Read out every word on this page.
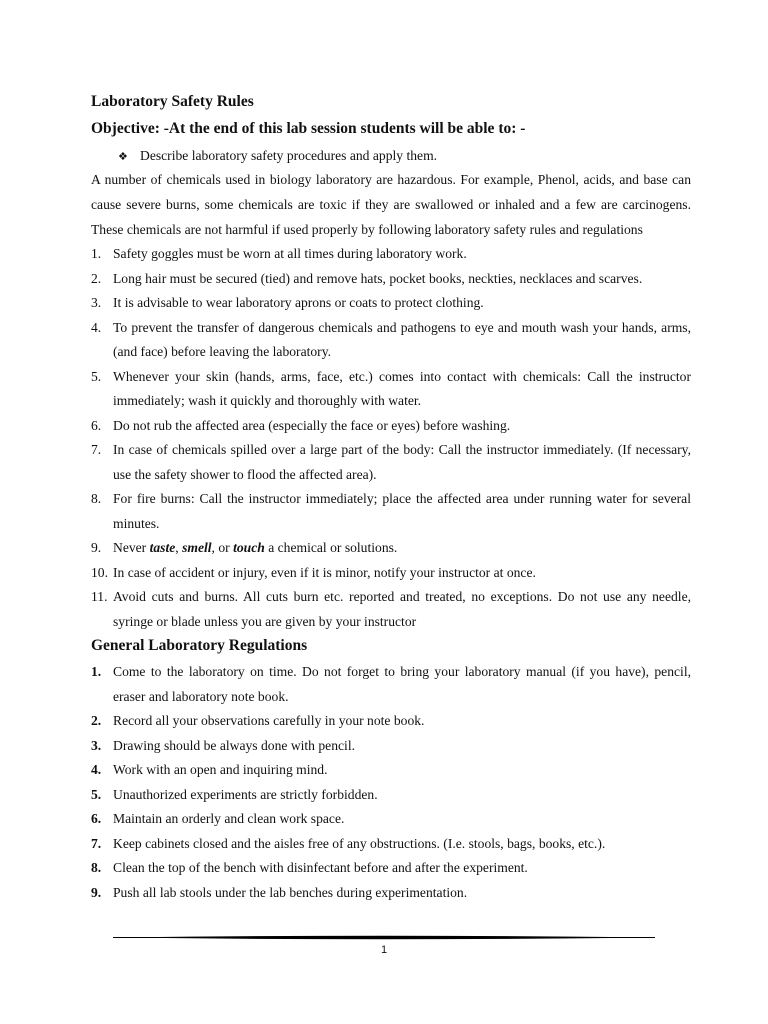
Laboratory Safety Rules
Objective: -At the end of this lab session students will be able to: -
❖ Describe laboratory safety procedures and apply them.
A number of chemicals used in biology laboratory are hazardous. For example, Phenol, acids, and base can cause severe burns, some chemicals are toxic if they are swallowed or inhaled and a few are carcinogens. These chemicals are not harmful if used properly by following laboratory safety rules and regulations
1. Safety goggles must be worn at all times during laboratory work.
2. Long hair must be secured (tied) and remove hats, pocket books, neckties, necklaces and scarves.
3. It is advisable to wear laboratory aprons or coats to protect clothing.
4. To prevent the transfer of dangerous chemicals and pathogens to eye and mouth wash your hands, arms, (and face) before leaving the laboratory.
5. Whenever your skin (hands, arms, face, etc.) comes into contact with chemicals: Call the instructor immediately; wash it quickly and thoroughly with water.
6. Do not rub the affected area (especially the face or eyes) before washing.
7. In case of chemicals spilled over a large part of the body: Call the instructor immediately. (If necessary, use the safety shower to flood the affected area).
8. For fire burns: Call the instructor immediately; place the affected area under running water for several minutes.
9. Never taste, smell, or touch a chemical or solutions.
10. In case of accident or injury, even if it is minor, notify your instructor at once.
11. Avoid cuts and burns. All cuts burn etc. reported and treated, no exceptions. Do not use any needle, syringe or blade unless you are given by your instructor
General Laboratory Regulations
1. Come to the laboratory on time. Do not forget to bring your laboratory manual (if you have), pencil, eraser and laboratory note book.
2. Record all your observations carefully in your note book.
3. Drawing should be always done with pencil.
4. Work with an open and inquiring mind.
5. Unauthorized experiments are strictly forbidden.
6. Maintain an orderly and clean work space.
7. Keep cabinets closed and the aisles free of any obstructions. (I.e. stools, bags, books, etc.).
8. Clean the top of the bench with disinfectant before and after the experiment.
9. Push all lab stools under the lab benches during experimentation.
1
